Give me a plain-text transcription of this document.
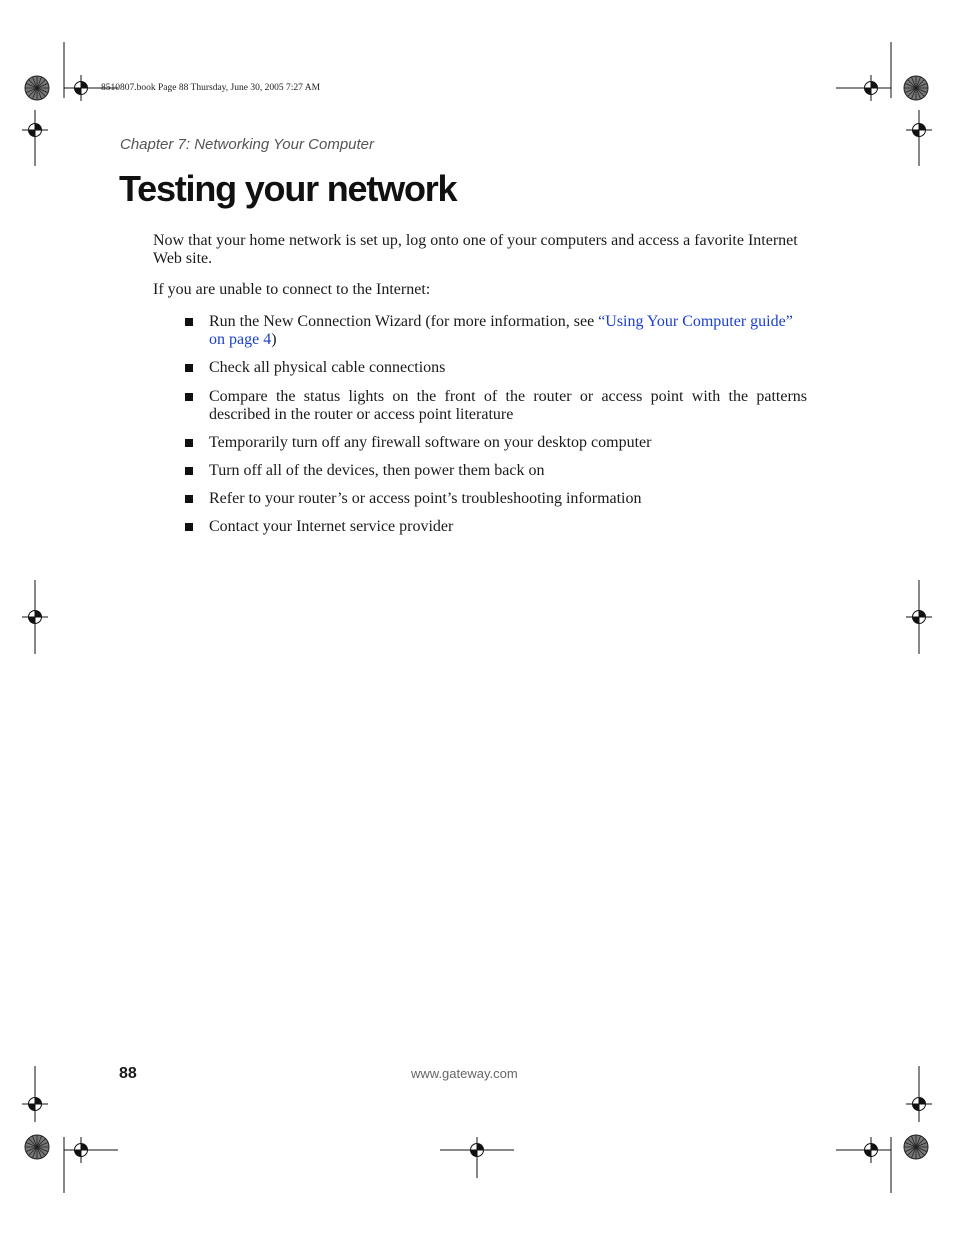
8510807.book Page 88 Thursday, June 30, 2005 7:27 AM
Chapter 7: Networking Your Computer
Testing your network

Now that your home network is set up, log onto one of your computers and access a favorite Internet Web site.

If you are unable to connect to the Internet:

Run the New Connection Wizard (for more information, see “Using Your Computer guide” on page 4)
Check all physical cable connections
Compare the status lights on the front of the router or access point with the patterns described in the router or access point literature
Temporarily turn off any firewall software on your desktop computer
Turn off all of the devices, then power them back on
Refer to your router’s or access point’s troubleshooting information
Contact your Internet service provider
88	www.gateway.com
